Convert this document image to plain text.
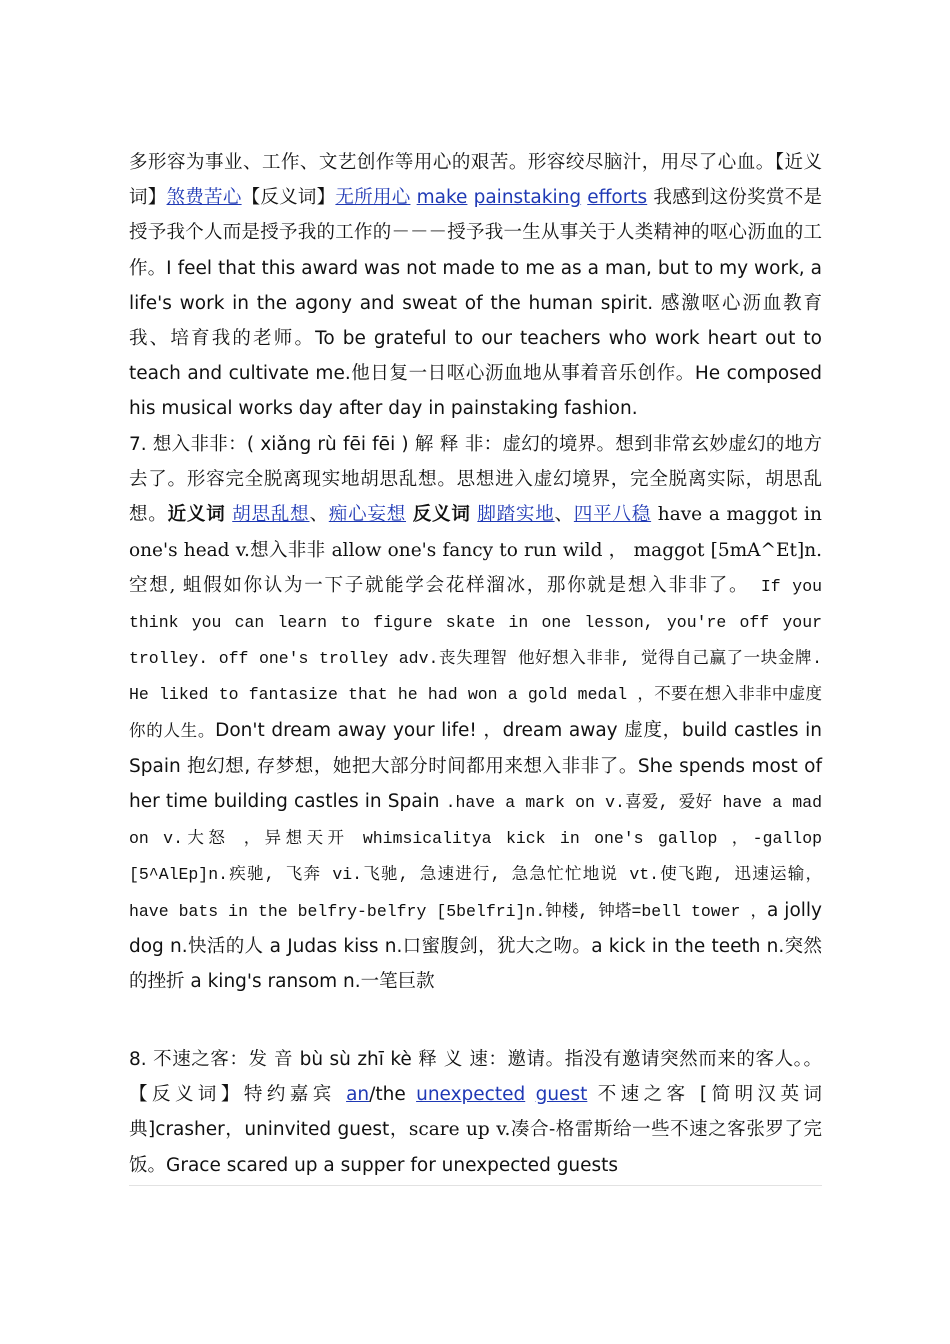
多形容为事业、工作、文艺创作等用心的艰苦。形容绞尽脑汁，用尽了心血。【近义词】煞费苦心【反义词】无所用心 make painstaking efforts 我感到这份奖赏不是授予我个人而是授予我的工作的－－－授予我一生从事关于人类精神的呕心沥血的工作。I feel that this award was not made to me as a man, but to my work, a life's work in the agony and sweat of the human spirit. 感激呕心沥血教育我、培育我的老师。To be grateful to our teachers who work heart out to teach and cultivate me.他日复一日呕心沥血地从事着音乐创作。He composed his musical works day after day in painstaking fashion.
7. 想入非非：( xiǎng rù fēi fēi ) 解 释 非：虚幻的境界。想到非常玄妙虚幻的地方去了。形容完全脱离现实地胡思乱想。思想进入虚幻境界，完全脱离实际，胡思乱想。近义词 胡思乱想、痴心妄想 反义词 脚踏实地、四平八稳 have a maggot in one's head v.想入非非 allow one's fancy to run wild ， maggot [5mA^Et]n.空想, 蛆假如你认为一下子就能学会花样溜冰，那你就是想入非非了。 If you think you can learn to figure skate in one lesson, you're off your trolley. off one's trolley adv.丧失理智 他好想入非非, 觉得自己赢了一块金牌. He liked to fantasize that he had won a gold medal ，不要在想入非非中虚度你的人生。Don't dream away your life! ，dream away 虚度，build castles in Spain 抱幻想, 存梦想，她把大部分时间都用来想入非非了。She spends most of her time building castles in Spain .have a mark on v.喜爱, 爱好 have a mad on v.大怒 ，异想天开 whimsicalitya kick in one's gallop ，-gallop [5^AlEp]n.疾驰, 飞奔 vi.飞驰, 急速进行, 急急忙忙地说 vt.使飞跑, 迅速运输，have bats in the belfry-belfry [5belfri]n.钟楼, 钟塔=bell tower ，a jolly dog n.快活的人 a Judas kiss n.口蜜腹剑，犹大之吻。a kick in the teeth n.突然的挫折 a king's ransom n.一笔巨款
8. 不速之客：发 音 bù sù zhī kè 释 义 速：邀请。指没有邀请突然而来的客人。。【反义词】特约嘉宾 an/the unexpected guest 不速之客 [简明汉英词典]crasher，uninvited guest，scare up v.凑合-格雷斯给一些不速之客张罗了完饭。Grace scared up a supper for unexpected guests
